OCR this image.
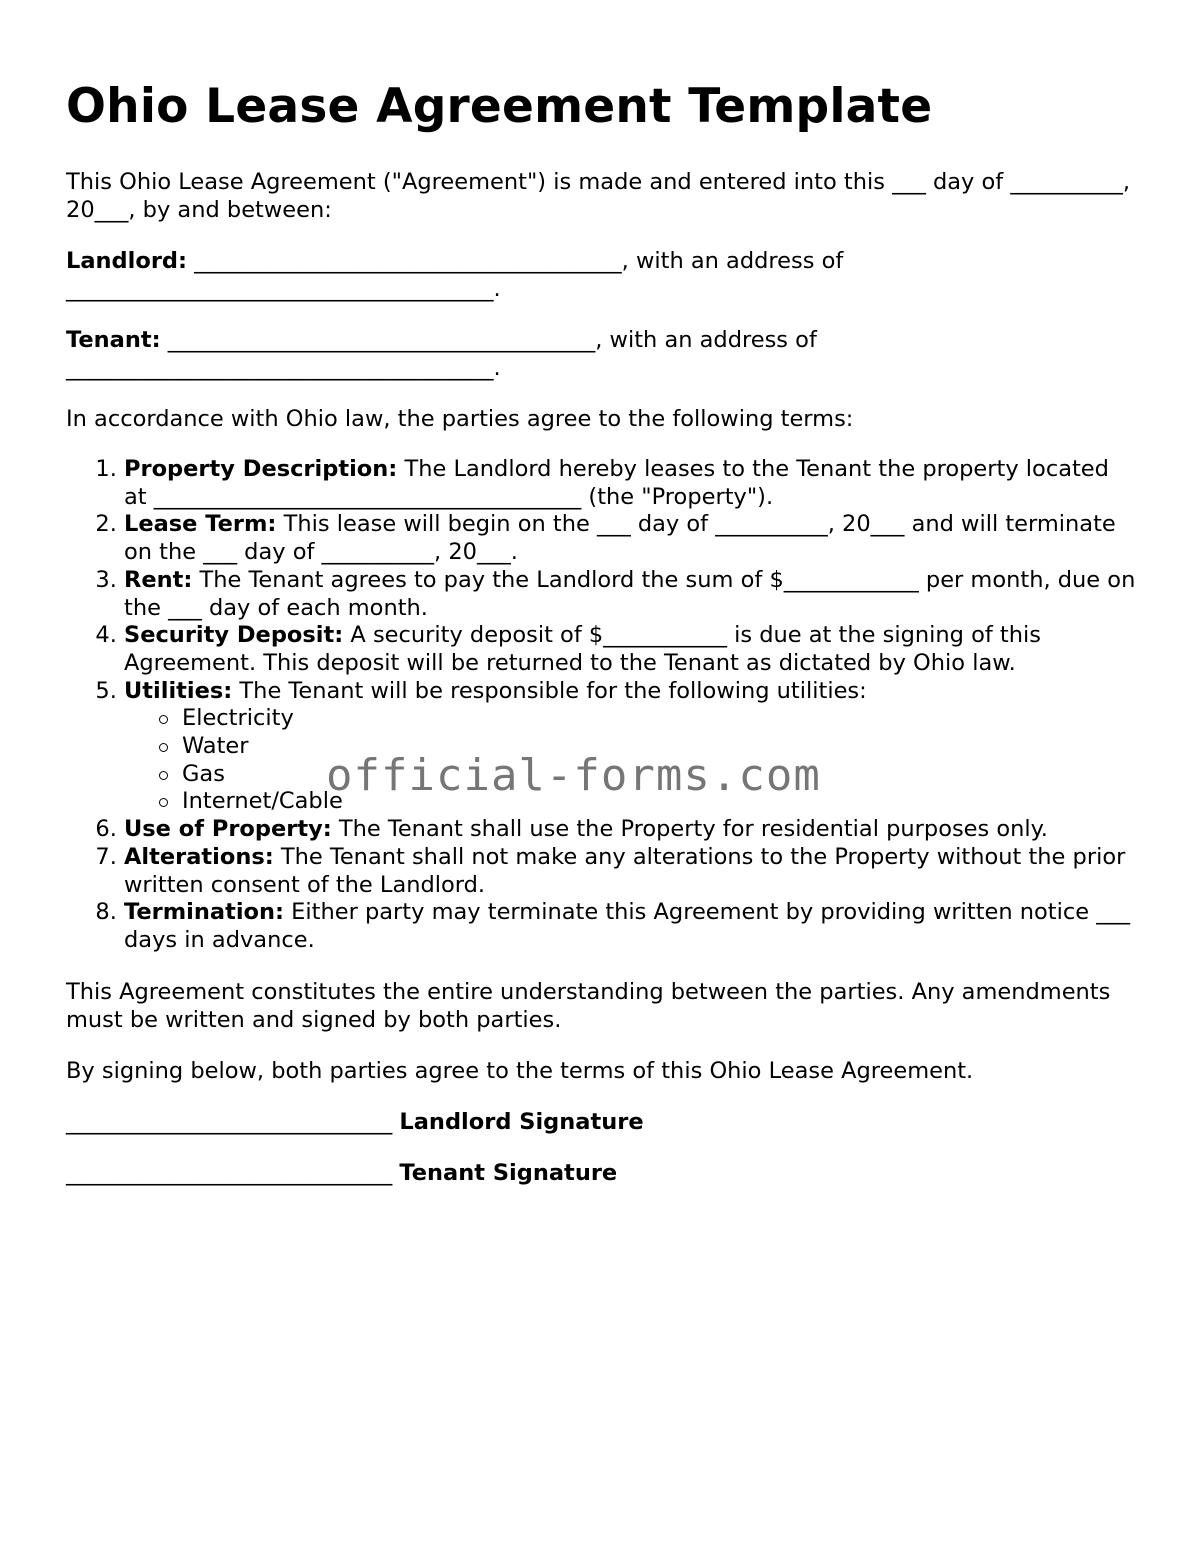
Ohio Lease Agreement Template

This Ohio Lease Agreement ("Agreement") is made and entered into this ___ day of __________, 20___, by and between:

Landlord: ______________________________________, with an address of ______________________________________.

Tenant: ______________________________________, with an address of ______________________________________.

In accordance with Ohio law, the parties agree to the following terms:

1. Property Description: The Landlord hereby leases to the Tenant the property located at ______________________________________ (the "Property").
2. Lease Term: This lease will begin on the ___ day of __________, 20___ and will terminate on the ___ day of __________, 20___.
3. Rent: The Tenant agrees to pay the Landlord the sum of $____________ per month, due on the ___ day of each month.
4. Security Deposit: A security deposit of $___________ is due at the signing of this Agreement. This deposit will be returned to the Tenant as dictated by Ohio law.
5. Utilities: The Tenant will be responsible for the following utilities:
Electricity
Water
Gas
Internet/Cable
6. Use of Property: The Tenant shall use the Property for residential purposes only.
7. Alterations: The Tenant shall not make any alterations to the Property without the prior written consent of the Landlord.
8. Termination: Either party may terminate this Agreement by providing written notice ___ days in advance.

This Agreement constitutes the entire understanding between the parties. Any amendments must be written and signed by both parties.

By signing below, both parties agree to the terms of this Ohio Lease Agreement.

_____________________________ Landlord Signature

_____________________________ Tenant Signature

official-forms.com
